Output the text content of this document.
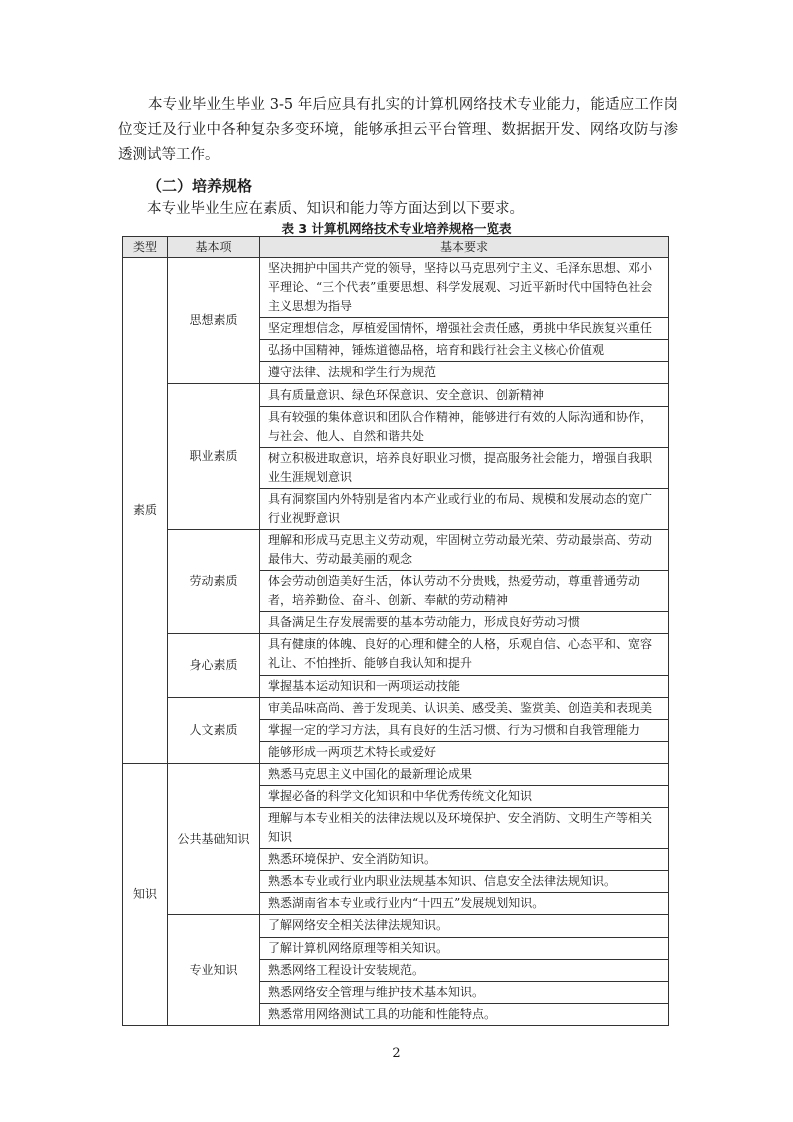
本专业毕业生毕业 3-5 年后应具有扎实的计算机网络技术专业能力，能适应工作岗位变迁及行业中各种复杂多变环境，能够承担云平台管理、数据据开发、网络攻防与渗透测试等工作。

（二）培养规格

本专业毕业生应在素质、知识和能力等方面达到以下要求。

表 3 计算机网络技术专业培养规格一览表

类型	基本项	基本要求
素质	思想素质	坚决拥护中国共产党的领导，坚持以马克思列宁主义、毛泽东思想、邓小平理论、“三个代表”重要思想、科学发展观、习近平新时代中国特色社会主义思想为指导
		坚定理想信念，厚植爱国情怀，增强社会责任感，勇挑中华民族复兴重任
		弘扬中国精神，锤炼道德品格，培育和践行社会主义核心价值观
		遵守法律、法规和学生行为规范
	职业素质	具有质量意识、绿色环保意识、安全意识、创新精神
		具有较强的集体意识和团队合作精神，能够进行有效的人际沟通和协作，与社会、他人、自然和谐共处
		树立积极进取意识，培养良好职业习惯，提高服务社会能力，增强自我职业生涯规划意识
		具有洞察国内外特别是省内本产业或行业的布局、规模和发展动态的宽广行业视野意识
	劳动素质	理解和形成马克思主义劳动观，牢固树立劳动最光荣、劳动最崇高、劳动最伟大、劳动最美丽的观念
		体会劳动创造美好生活，体认劳动不分贵贱，热爱劳动，尊重普通劳动者，培养勤俭、奋斗、创新、奉献的劳动精神
		具备满足生存发展需要的基本劳动能力，形成良好劳动习惯
	身心素质	具有健康的体魄、良好的心理和健全的人格，乐观自信、心态平和、宽容礼让、不怕挫折、能够自我认知和提升
		掌握基本运动知识和一两项运动技能
	人文素质	审美品味高尚、善于发现美、认识美、感受美、鉴赏美、创造美和表现美
		掌握一定的学习方法，具有良好的生活习惯、行为习惯和自我管理能力
		能够形成一两项艺术特长或爱好
知识	公共基础知识	熟悉马克思主义中国化的最新理论成果
		掌握必备的科学文化知识和中华优秀传统文化知识
		理解与本专业相关的法律法规以及环境保护、安全消防、文明生产等相关知识
		熟悉环境保护、安全消防知识。
		熟悉本专业或行业内职业法规基本知识、信息安全法律法规知识。
		熟悉湖南省本专业或行业内“十四五”发展规划知识。
	专业知识	了解网络安全相关法律法规知识。
		了解计算机网络原理等相关知识。
		熟悉网络工程设计安装规范。
		熟悉网络安全管理与维护技术基本知识。
		熟悉常用网络测试工具的功能和性能特点。

2
